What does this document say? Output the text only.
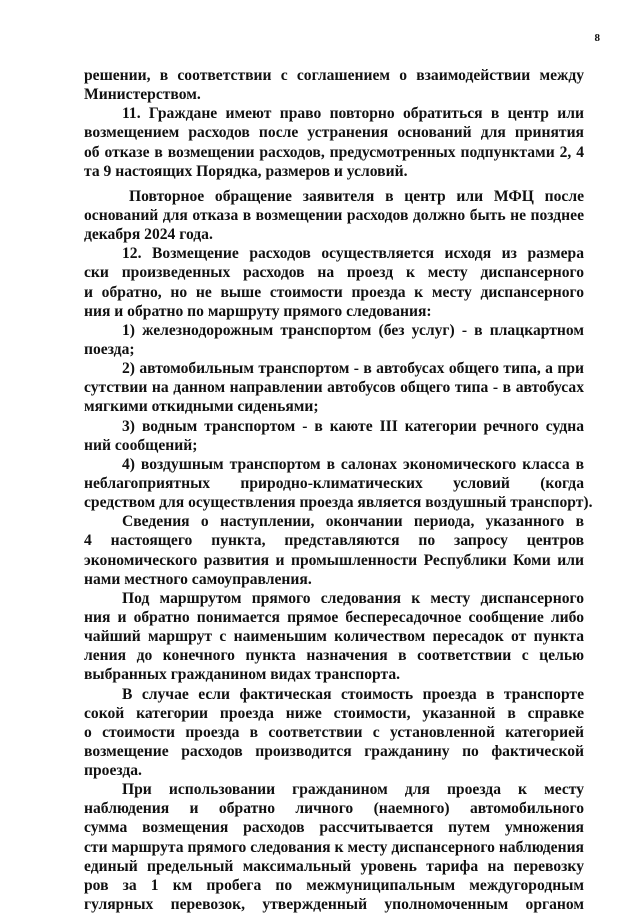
8
решении, в соответствии с соглашением о взаимодействии между
Министерством.
11. Граждане имеют право повторно обратиться в центр или
возмещением расходов после устранения оснований для принятия
об отказе в возмещении расходов, предусмотренных подпунктами 2, 4
та 9 настоящих Порядка, размеров и условий.
Повторное обращение заявителя в центр или МФЦ после
оснований для отказа в возмещении расходов должно быть не позднее
декабря 2024 года.
12. Возмещение расходов осуществляется исходя из размера
ски произведенных расходов на проезд к месту диспансерного
и обратно, но не выше стоимости проезда к месту диспансерного
ния и обратно по маршруту прямого следования:
1) железнодорожным транспортом (без услуг) - в плацкартном
поезда;
2) автомобильным транспортом - в автобусах общего типа, а при
сутствии на данном направлении автобусов общего типа - в автобусах
мягкими откидными сиденьями;
3) водным транспортом - в каюте III категории речного судна
ний сообщений;
4) воздушным транспортом в салонах экономического класса в
неблагоприятных природно-климатических условий (когда
средством для осуществления проезда является воздушный транспорт).
Сведения о наступлении, окончании периода, указанного в
4 настоящего пункта, представляются по запросу центров
экономического развития и промышленности Республики Коми или
нами местного самоуправления.
Под маршрутом прямого следования к месту диспансерного
ния и обратно понимается прямое беспересадочное сообщение либо
чайший маршрут с наименьшим количеством пересадок от пункта
ления до конечного пункта назначения в соответствии с целью
выбранных гражданином видах транспорта.
В случае если фактическая стоимость проезда в транспорте
сокой категории проезда ниже стоимости, указанной в справке
о стоимости проезда в соответствии с установленной категорией
возмещение расходов производится гражданину по фактической
проезда.
При использовании гражданином для проезда к месту
наблюдения и обратно личного (наемного) автомобильного
сумма возмещения расходов рассчитывается путем умножения
сти маршрута прямого следования к месту диспансерного наблюдения
единый предельный максимальный уровень тарифа на перевозку
ров за 1 км пробега по межмуниципальным междугородным
гулярных перевозок, утвержденный уполномоченным органом
